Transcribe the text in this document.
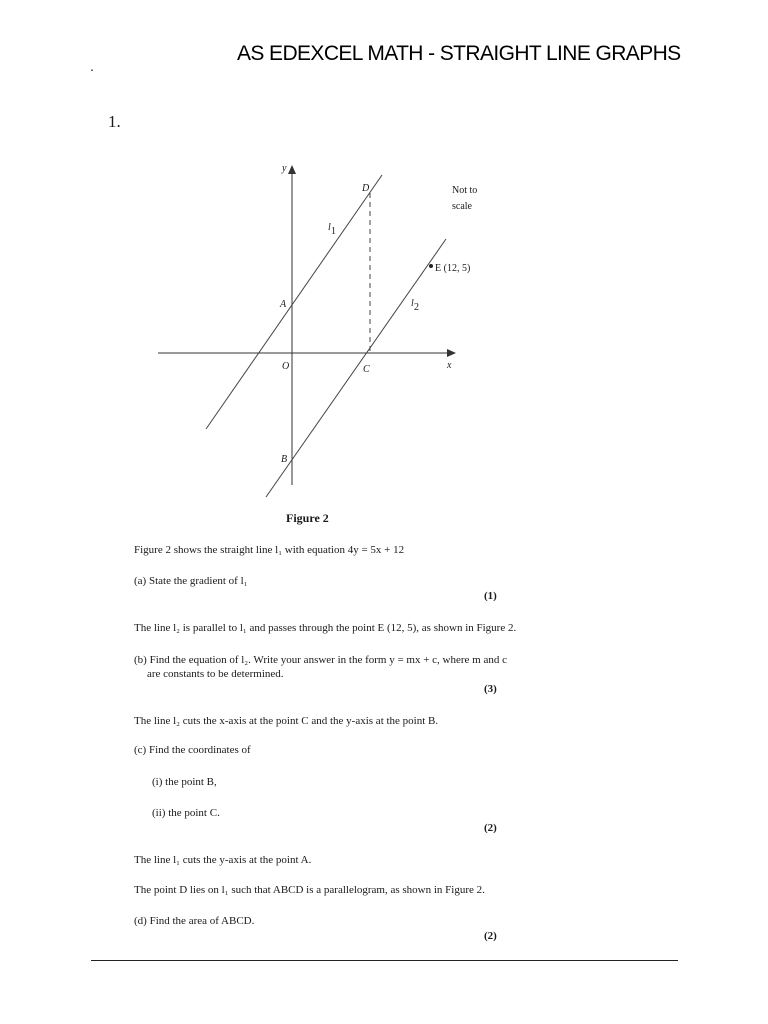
.
AS EDEXCEL MATH - STRAIGHT LINE GRAPHS
1.
y
x
O
A
B
C
D
E (12, 5)
l 1
l 2
Not to
scale
Figure 2
Figure 2 shows the straight line l₁ with equation 4y = 5x + 12
(a) State the gradient of l₁
(1)
The line l₂ is parallel to l₁ and passes through the point E (12, 5), as shown in Figure 2.
(b) Find the equation of l₂. Write your answer in the form y = mx + c, where m and c
are constants to be determined.
(3)
The line l₂ cuts the x-axis at the point C and the y-axis at the point B.
(c) Find the coordinates of
(i) the point B,
(ii) the point C.
(2)
The line l₁ cuts the y-axis at the point A.
The point D lies on l₁ such that ABCD is a parallelogram, as shown in Figure 2.
(d) Find the area of ABCD.
(2)
